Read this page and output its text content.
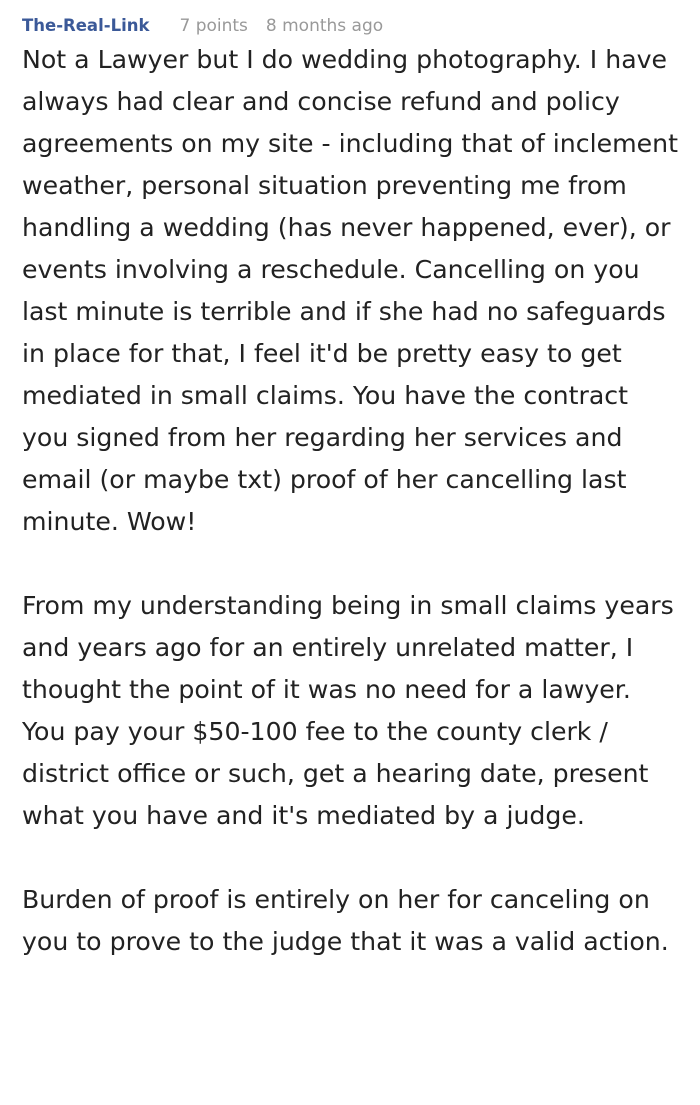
The-Real-Link 7 points 8 months ago

Not a Lawyer but I do wedding photography. I have always had clear and concise refund and policy agreements on my site - including that of inclement weather, personal situation preventing me from handling a wedding (has never happened, ever), or events involving a reschedule. Cancelling on you last minute is terrible and if she had no safeguards in place for that, I feel it'd be pretty easy to get mediated in small claims. You have the contract you signed from her regarding her services and email (or maybe txt) proof of her cancelling last minute. Wow!

From my understanding being in small claims years and years ago for an entirely unrelated matter, I thought the point of it was no need for a lawyer. You pay your $50-100 fee to the county clerk / district office or such, get a hearing date, present what you have and it's mediated by a judge.

Burden of proof is entirely on her for canceling on you to prove to the judge that it was a valid action.
